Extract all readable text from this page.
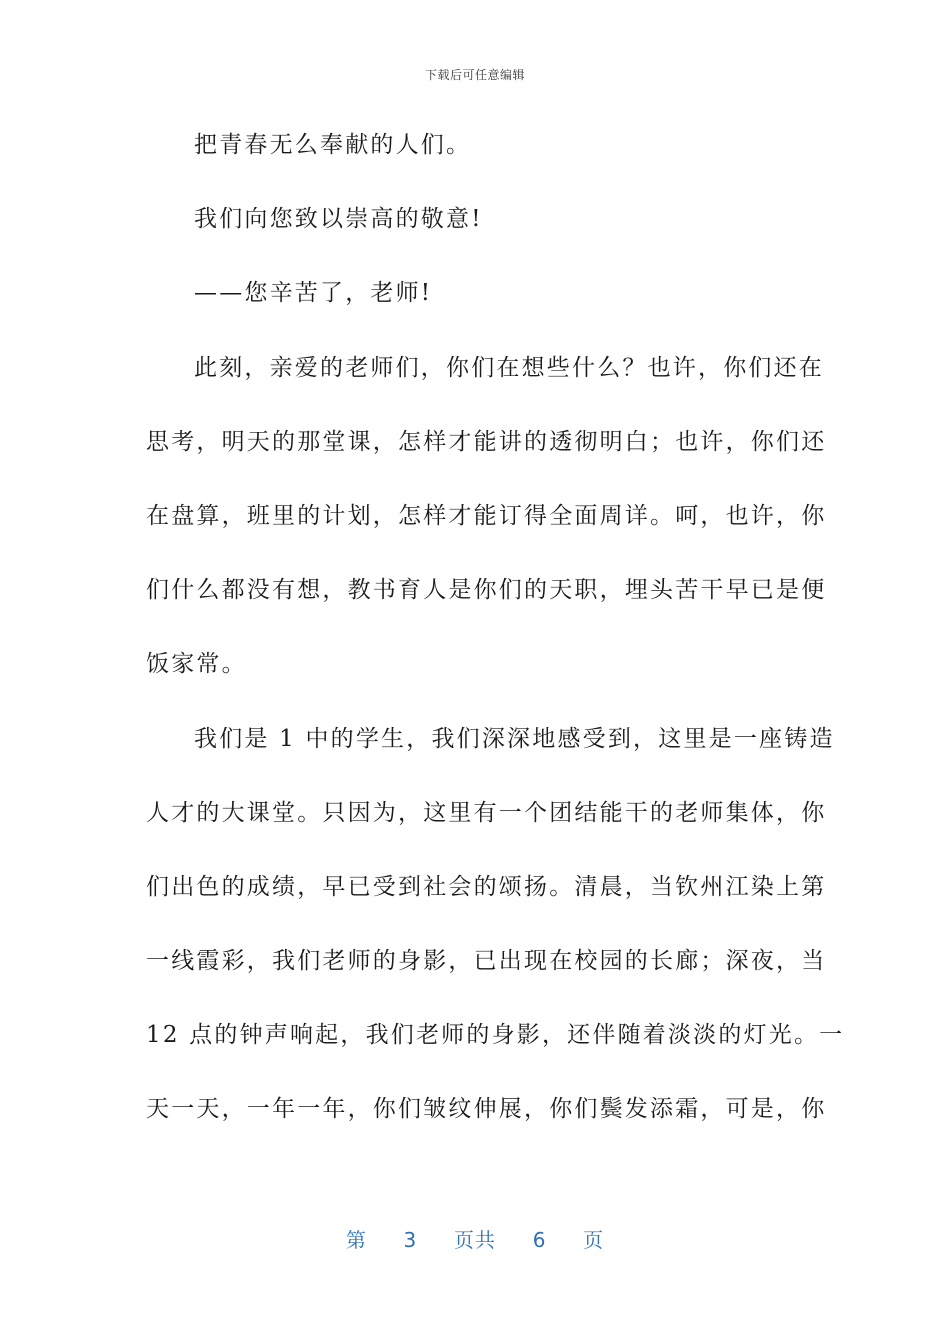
下载后可任意编辑
把青春无么奉献的人们。
我们向您致以崇高的敬意!
——您辛苦了，老师!
此刻，亲爱的老师们，你们在想些什么？也许，你们还在
思考，明天的那堂课，怎样才能讲的透彻明白；也许，你们还
在盘算，班里的计划，怎样才能订得全面周详。呵，也许，你
们什么都没有想，教书育人是你们的天职，埋头苦干早已是便
饭家常。
我们是 1 中的学生，我们深深地感受到，这里是一座铸造
人才的大课堂。只因为，这里有一个团结能干的老师集体，你
们出色的成绩，早已受到社会的颂扬。清晨，当钦州江染上第
一线霞彩，我们老师的身影，已出现在校园的长廊；深夜，当
12 点的钟声响起，我们老师的身影，还伴随着淡淡的灯光。一
天一天，一年一年，你们皱纹伸展，你们鬓发添霜，可是，你
第 3 页共 6 页
